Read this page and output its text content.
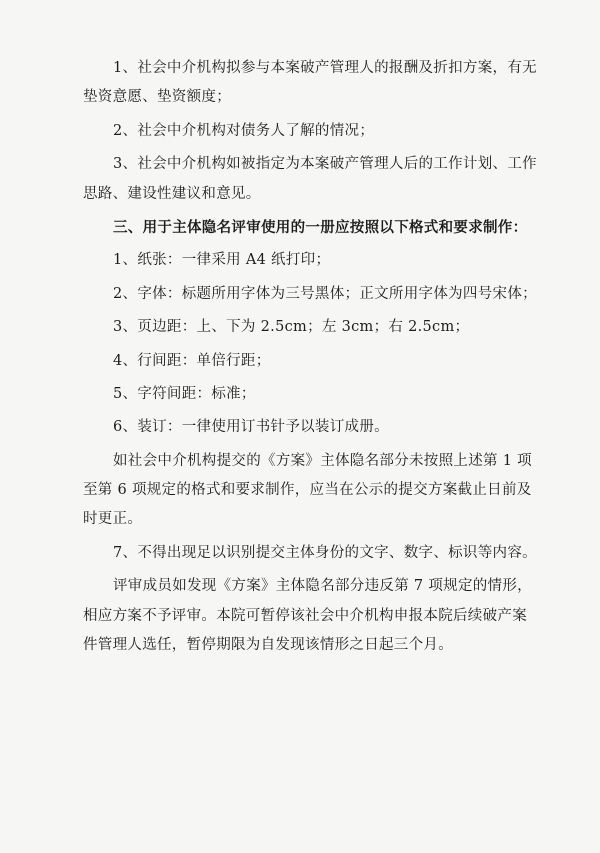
1、社会中介机构拟参与本案破产管理人的报酬及折扣方案，有无

垫资意愿、垫资额度；

2、社会中介机构对债务人了解的情况；

3、社会中介机构如被指定为本案破产管理人后的工作计划、工作

思路、建设性建议和意见。

三、用于主体隐名评审使用的一册应按照以下格式和要求制作：

1、纸张：一律采用 A4 纸打印；

2、字体：标题所用字体为三号黑体；正文所用字体为四号宋体；

3、页边距：上、下为 2.5cm；左 3cm；右 2.5cm；

4、行间距：单倍行距；

5、字符间距：标准；

6、装订：一律使用订书针予以装订成册。

如社会中介机构提交的《方案》主体隐名部分未按照上述第 1 项

至第 6 项规定的格式和要求制作，应当在公示的提交方案截止日前及

时更正。

7、不得出现足以识别提交主体身份的文字、数字、标识等内容。

评审成员如发现《方案》主体隐名部分违反第 7 项规定的情形，

相应方案不予评审。本院可暂停该社会中介机构申报本院后续破产案

件管理人选任，暂停期限为自发现该情形之日起三个月。
